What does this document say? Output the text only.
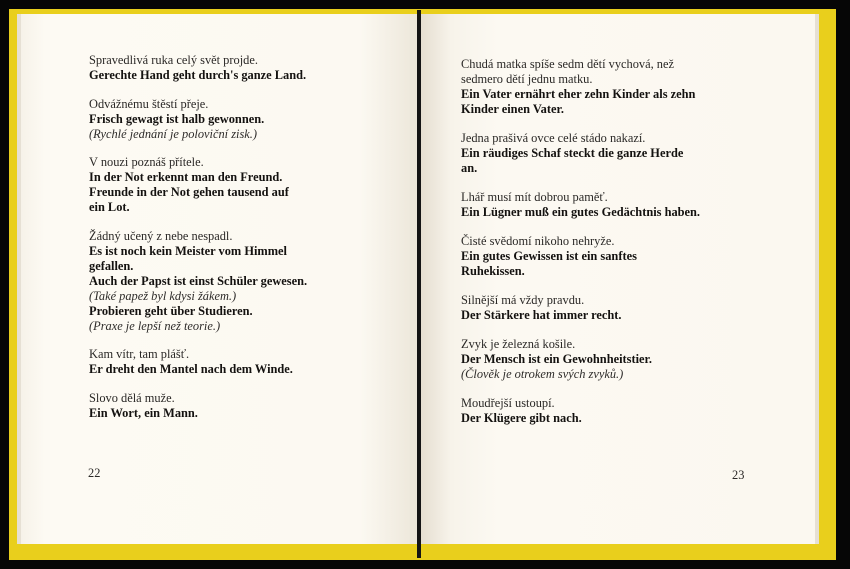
Spravedlivá ruka celý svět projde.
Gerechte Hand geht durch's ganze Land.
Odvážnému štěstí přeje.
Frisch gewagt ist halb gewonnen.
(Rychlé jednání je poloviční zisk.)
V nouzi poznáš přítele.
In der Not erkennt man den Freund.
Freunde in der Not gehen tausend auf
ein Lot.
Žádný učený z nebe nespadl.
Es ist noch kein Meister vom Himmel
gefallen.
Auch der Papst ist einst Schüler gewesen.
(Také papež byl kdysi žákem.)
Probieren geht über Studieren.
(Praxe je lepší než teorie.)
Kam vítr, tam plášť.
Er dreht den Mantel nach dem Winde.
Slovo dělá muže.
Ein Wort, ein Mann.
22
Chudá matka spíše sedm dětí vychová, než
sedmero dětí jednu matku.
Ein Vater ernährt eher zehn Kinder als zehn
Kinder einen Vater.
Jedna prašivá ovce celé stádo nakazí.
Ein räudiges Schaf steckt die ganze Herde
an.
Lhář musí mít dobrou paměť.
Ein Lügner muß ein gutes Gedächtnis haben.
Čisté svědomí nikoho nehryže.
Ein gutes Gewissen ist ein sanftes
Ruhekissen.
Silnější má vždy pravdu.
Der Stärkere hat immer recht.
Zvyk je železná košile.
Der Mensch ist ein Gewohnheitstier.
(Člověk je otrokem svých zvyků.)
Moudřejší ustoupí.
Der Klügere gibt nach.
23
